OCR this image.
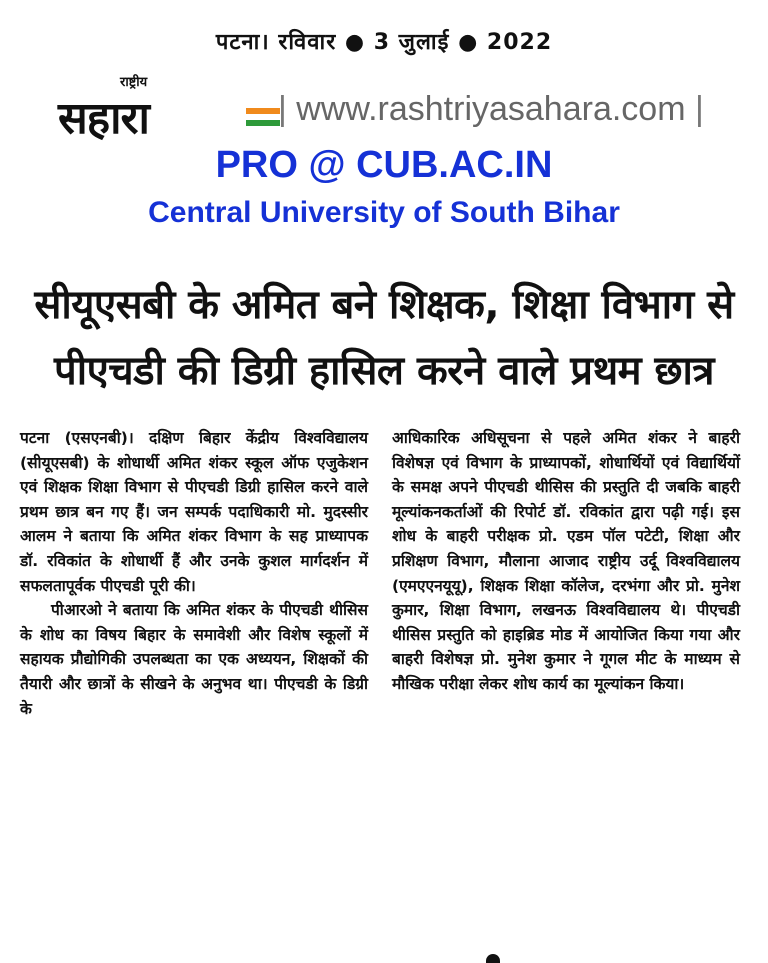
पटना। रविवार ● 3 जुलाई ● 2022
राष्ट्रीय
सहारा	| www.rashtriyasahara.com |
PRO @ CUB.AC.IN
Central University of South Bihar
सीयूएसबी के अमित बने शिक्षक, शिक्षा विभाग से
पीएचडी की डिग्री हासिल करने वाले प्रथम छात्र

पटना (एसएनबी)। दक्षिण बिहार केंद्रीय विश्वविद्यालय (सीयूएसबी) के शोधार्थी अमित शंकर स्कूल ऑफ एजुकेशन एवं शिक्षक शिक्षा विभाग से पीएचडी डिग्री हासिल करने वाले प्रथम छात्र बन गए हैं। जन सम्पर्क पदाधिकारी मो. मुदस्सीर आलम ने बताया कि अमित शंकर विभाग के सह प्राध्यापक डॉ. रविकांत के शोधार्थी हैं और उनके कुशल मार्गदर्शन में सफलतापूर्वक पीएचडी पूरी की।

पीआरओ ने बताया कि अमित शंकर के पीएचडी थीसिस के शोध का विषय बिहार के समावेशी और विशेष स्कूलों में सहायक प्रौद्योगिकी उपलब्धता का एक अध्ययन, शिक्षकों की तैयारी और छात्रों के सीखने के अनुभव था। पीएचडी के डिग्री के

आधिकारिक अधिसूचना से पहले अमित शंकर ने बाहरी विशेषज्ञ एवं विभाग के प्राध्यापकों, शोधार्थियों एवं विद्यार्थियों के समक्ष अपने पीएचडी थीसिस की प्रस्तुति दी जबकि बाहरी मूल्यांकनकर्ताओं की रिपोर्ट डॉ. रविकांत द्वारा पढ़ी गई। इस शोध के बाहरी परीक्षक प्रो. एडम पॉल पटेटी, शिक्षा और प्रशिक्षण विभाग, मौलाना आजाद राष्ट्रीय उर्दू विश्वविद्यालय (एमएएनयूयू), शिक्षक शिक्षा कॉलेज, दरभंगा और प्रो. मुनेश कुमार, शिक्षा विभाग, लखनऊ विश्वविद्यालय थे। पीएचडी थीसिस प्रस्तुति को हाइब्रिड मोड में आयोजित किया गया और बाहरी विशेषज्ञ प्रो. मुनेश कुमार ने गूगल मीट के माध्यम से मौखिक परीक्षा लेकर शोध कार्य का मूल्यांकन किया।
